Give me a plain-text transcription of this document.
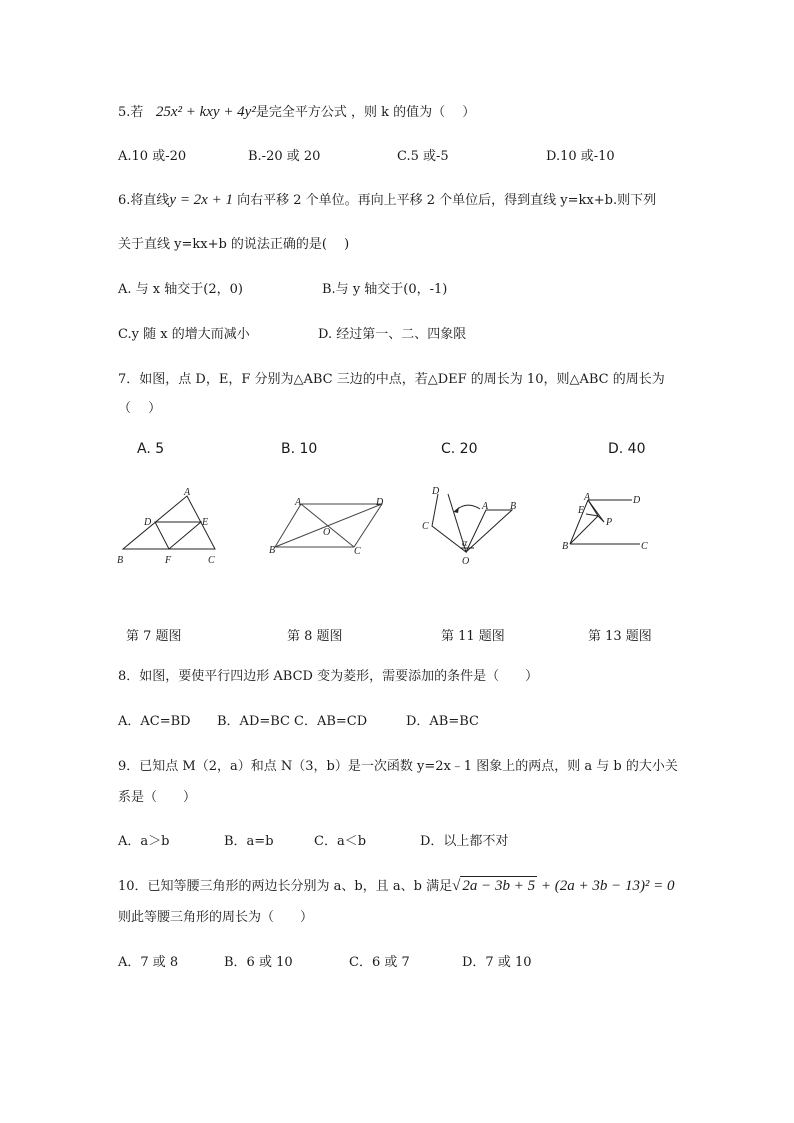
5.若 25x² + kxy + 4y²是完全平方公式 ，则 k 的值为（　 ）
A.10 或-20	B.-20 或 20	C.5 或-5	D.10 或-10
6.将直线y = 2x + 1 向右平移 2 个单位。再向上平移 2 个单位后，得到直线 y=kx+b.则下列
关于直线 y=kx+b 的说法正确的是(　 )
A. 与 x 轴交于(2，0)	B.与 y 轴交于(0，-1)
C.y 随 x 的增大而减小	D. 经过第一、二、四象限
7．如图，点 D，E，F 分别为△ABC 三边的中点，若△DEF 的周长为 10，则△ABC 的周长为
（　 ）
A. 5	B. 10	C. 20	D. 40
A
B	C
D	E
F
A
B	C
D
O
D
C
A B
O
α
A
B	C
D
E
P
第 7 题图	第 8 题图	第 11 题图	第 13 题图
8．如图，要使平行四边形 ABCD 变为菱形，需要添加的条件是（　　）
A．AC=BD B．AD=BC C．AB=CD	D．AB=BC
9．已知点 M（2，a）和点 N（3，b）是一次函数 y=2x﹣1 图象上的两点，则 a 与 b 的大小关
系是（　　）
A．a＞b	B．a=b	C．a＜b	D．以上都不对
10．已知等腰三角形的两边长分别为 a、b，且 a、b 满足√ 2a − 3b + 5 + (2a + 3b − 13)² = 0
则此等腰三角形的周长为（　　）
A．7 或 8	B．6 或 10	C．6 或 7	D．7 或 10
